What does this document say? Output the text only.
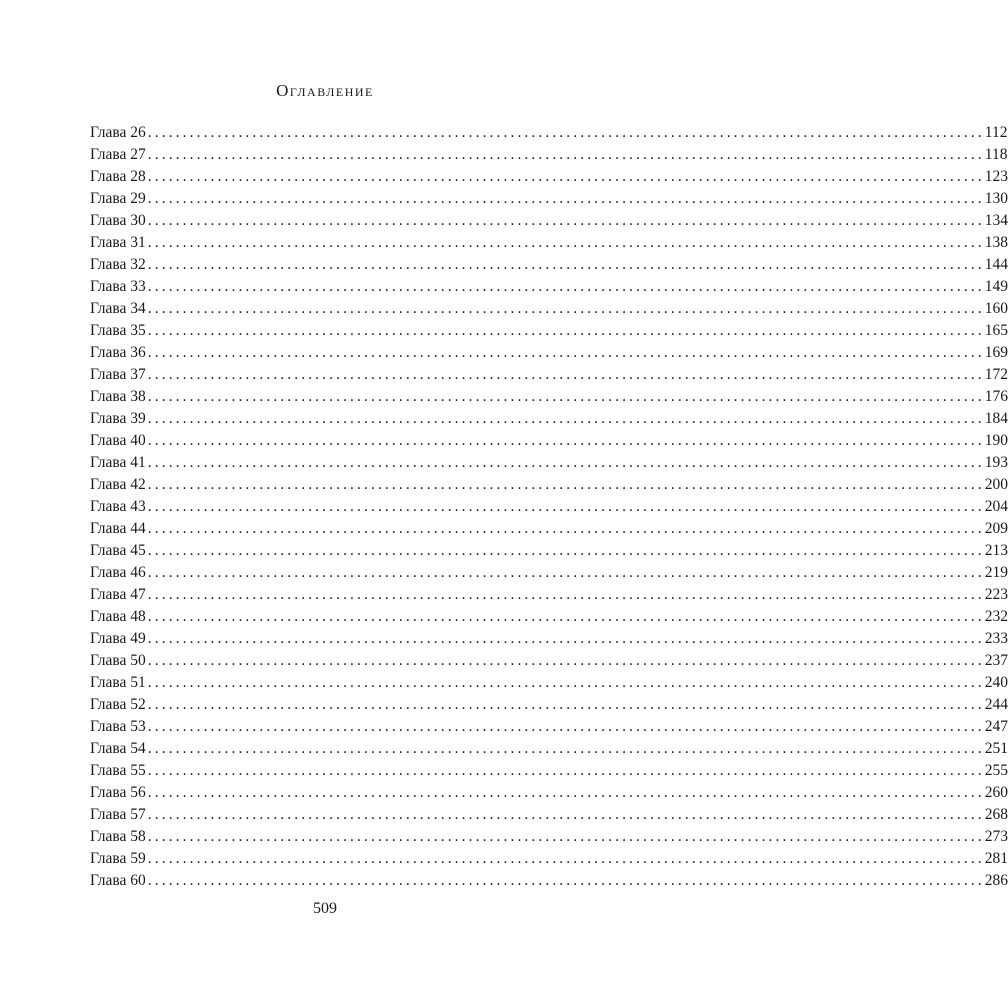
Оглавление
Глава 26 ........................................................................................................................ 112
Глава 27 ........................................................................................................................ 118
Глава 28 ........................................................................................................................ 123
Глава 29 ........................................................................................................................ 130
Глава 30 ........................................................................................................................ 134
Глава 31 ........................................................................................................................ 138
Глава 32 ........................................................................................................................ 144
Глава 33 ........................................................................................................................ 149
Глава 34 ........................................................................................................................ 160
Глава 35 ........................................................................................................................ 165
Глава 36 ........................................................................................................................ 169
Глава 37 ........................................................................................................................ 172
Глава 38 ........................................................................................................................ 176
Глава 39 ........................................................................................................................ 184
Глава 40 ........................................................................................................................ 190
Глава 41 ........................................................................................................................ 193
Глава 42 ........................................................................................................................ 200
Глава 43 ........................................................................................................................ 204
Глава 44 ........................................................................................................................ 209
Глава 45 ........................................................................................................................ 213
Глава 46 ........................................................................................................................ 219
Глава 47 ........................................................................................................................ 223
Глава 48 ........................................................................................................................ 232
Глава 49 ........................................................................................................................ 233
Глава 50 ........................................................................................................................ 237
Глава 51 ........................................................................................................................ 240
Глава 52 ........................................................................................................................ 244
Глава 53 ........................................................................................................................ 247
Глава 54 ........................................................................................................................ 251
Глава 55 ........................................................................................................................ 255
Глава 56 ........................................................................................................................ 260
Глава 57 ........................................................................................................................ 268
Глава 58 ........................................................................................................................ 273
Глава 59 ........................................................................................................................ 281
Глава 60 ........................................................................................................................ 286
509
